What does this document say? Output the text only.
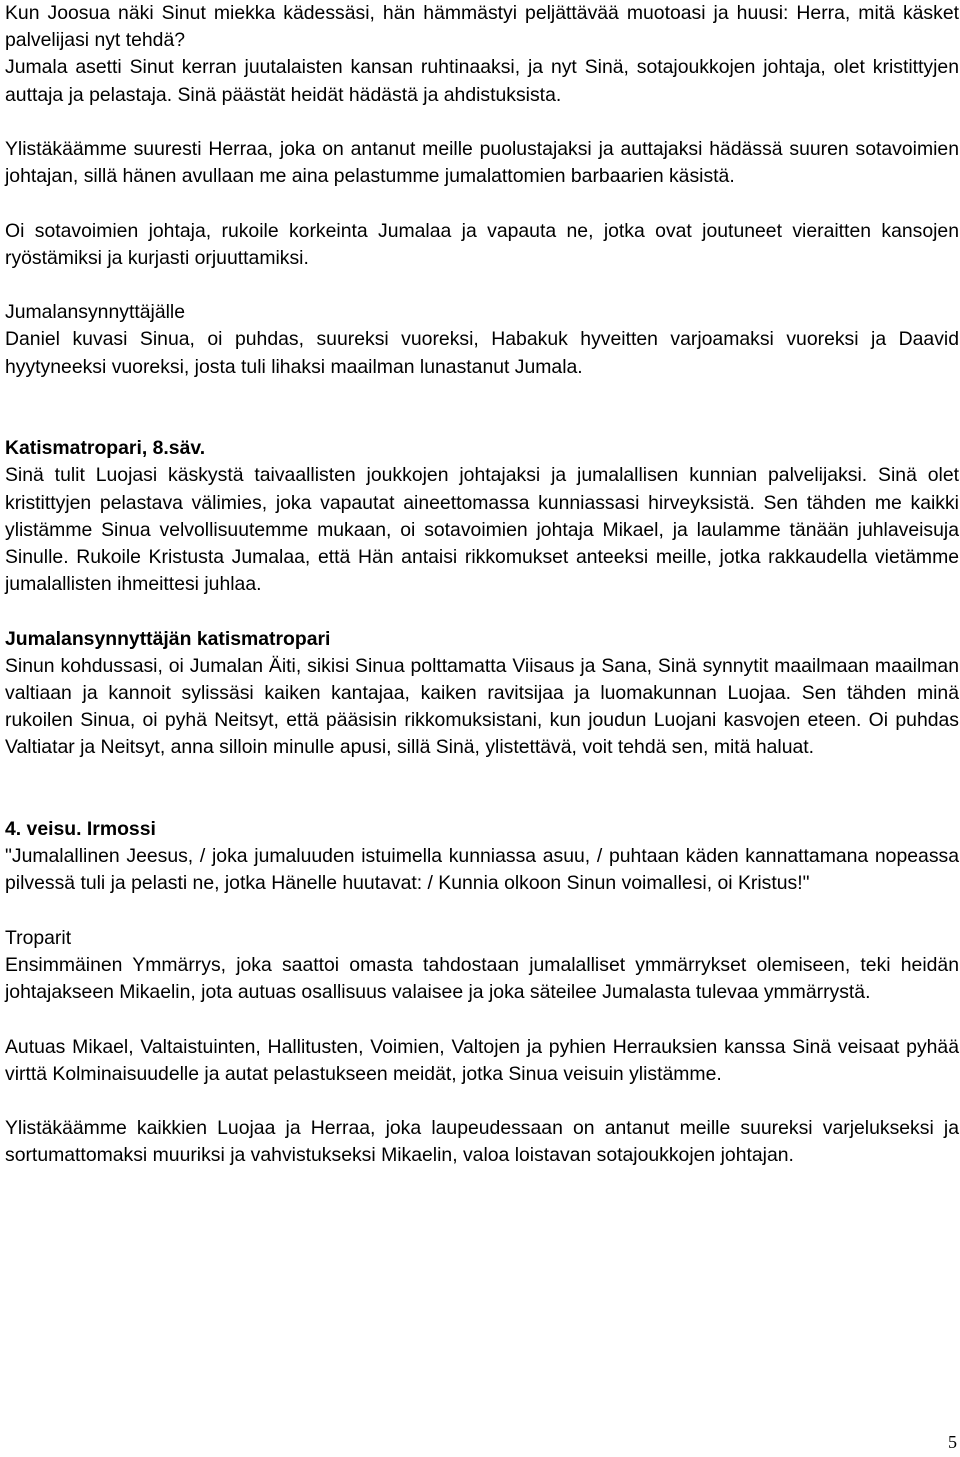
Kun Joosua näki Sinut miekka kädessäsi, hän hämmästyi peljättävää muotoasi ja huusi: Herra, mitä käsket palvelijasi nyt tehdä?

Jumala asetti Sinut kerran juutalaisten kansan ruhtinaaksi, ja nyt Sinä, sotajoukkojen johtaja, olet kristittyjen auttaja ja pelastaja. Sinä päästät heidät hädästä ja ahdistuksista.

Ylistäkäämme suuresti Herraa, joka on antanut meille puolustajaksi ja auttajaksi hädässä suuren sotavoimien johtajan, sillä hänen avullaan me aina pelastumme jumalattomien barbaarien käsistä.

Oi sotavoimien johtaja, rukoile korkeinta Jumalaa ja vapauta ne, jotka ovat joutuneet vieraitten kansojen ryöstämiksi ja kurjasti orjuuttamiksi.

Jumalansynnyttäjälle

Daniel kuvasi Sinua, oi puhdas, suureksi vuoreksi, Habakuk hyveitten varjoamaksi vuoreksi ja Daavid hyytyneeksi vuoreksi, josta tuli lihaksi maailman lunastanut Jumala.

Katismatropari, 8.säv.

Sinä tulit Luojasi käskystä taivaallisten joukkojen johtajaksi ja jumalallisen kunnian palvelijaksi. Sinä olet kristittyjen pelastava välimies, joka vapautat aineettomassa kunniassasi hirveyksistä. Sen tähden me kaikki ylistämme Sinua velvollisuutemme mukaan, oi sotavoimien johtaja Mikael, ja laulamme tänään juhlaveisuja Sinulle. Rukoile Kristusta Jumalaa, että Hän antaisi rikkomukset anteeksi meille, jotka rakkaudella vietämme jumalallisten ihmeittesi juhlaa.

Jumalansynnyttäjän katismatropari

Sinun kohdussasi, oi Jumalan Äiti, sikisi Sinua polttamatta Viisaus ja Sana, Sinä synnytit maailmaan maailman valtiaan ja kannoit sylissäsi kaiken kantajaa, kaiken ravitsijaa ja luomakunnan Luojaa. Sen tähden minä rukoilen Sinua, oi pyhä Neitsyt, että pääsisin rikkomuksistani, kun joudun Luojani kasvojen eteen. Oi puhdas Valtiatar ja Neitsyt, anna silloin minulle apusi, sillä Sinä, ylistettävä, voit tehdä sen, mitä haluat.

4. veisu. Irmossi

"Jumalallinen Jeesus, / joka jumaluuden istuimella kunniassa asuu, / puhtaan käden kannattamana nopeassa pilvessä tuli ja pelasti ne, jotka Hänelle huutavat: / Kunnia olkoon Sinun voimallesi, oi Kristus!"

Troparit

Ensimmäinen Ymmärrys, joka saattoi omasta tahdostaan jumalalliset ymmärrykset olemiseen, teki heidän johtajakseen Mikaelin, jota autuas osallisuus valaisee ja joka säteilee Jumalasta tulevaa ymmärrystä.

Autuas Mikael, Valtaistuinten, Hallitusten, Voimien, Valtojen ja pyhien Herrauksien kanssa Sinä veisaat pyhää virttä Kolminaisuudelle ja autat pelastukseen meidät, jotka Sinua veisuin ylistämme.

Ylistäkäämme kaikkien Luojaa ja Herraa, joka laupeudessaan on antanut meille suureksi varjelukseksi ja sortumattomaksi muuriksi ja vahvistukseksi Mikaelin, valoa loistavan sotajoukkojen johtajan.

5
